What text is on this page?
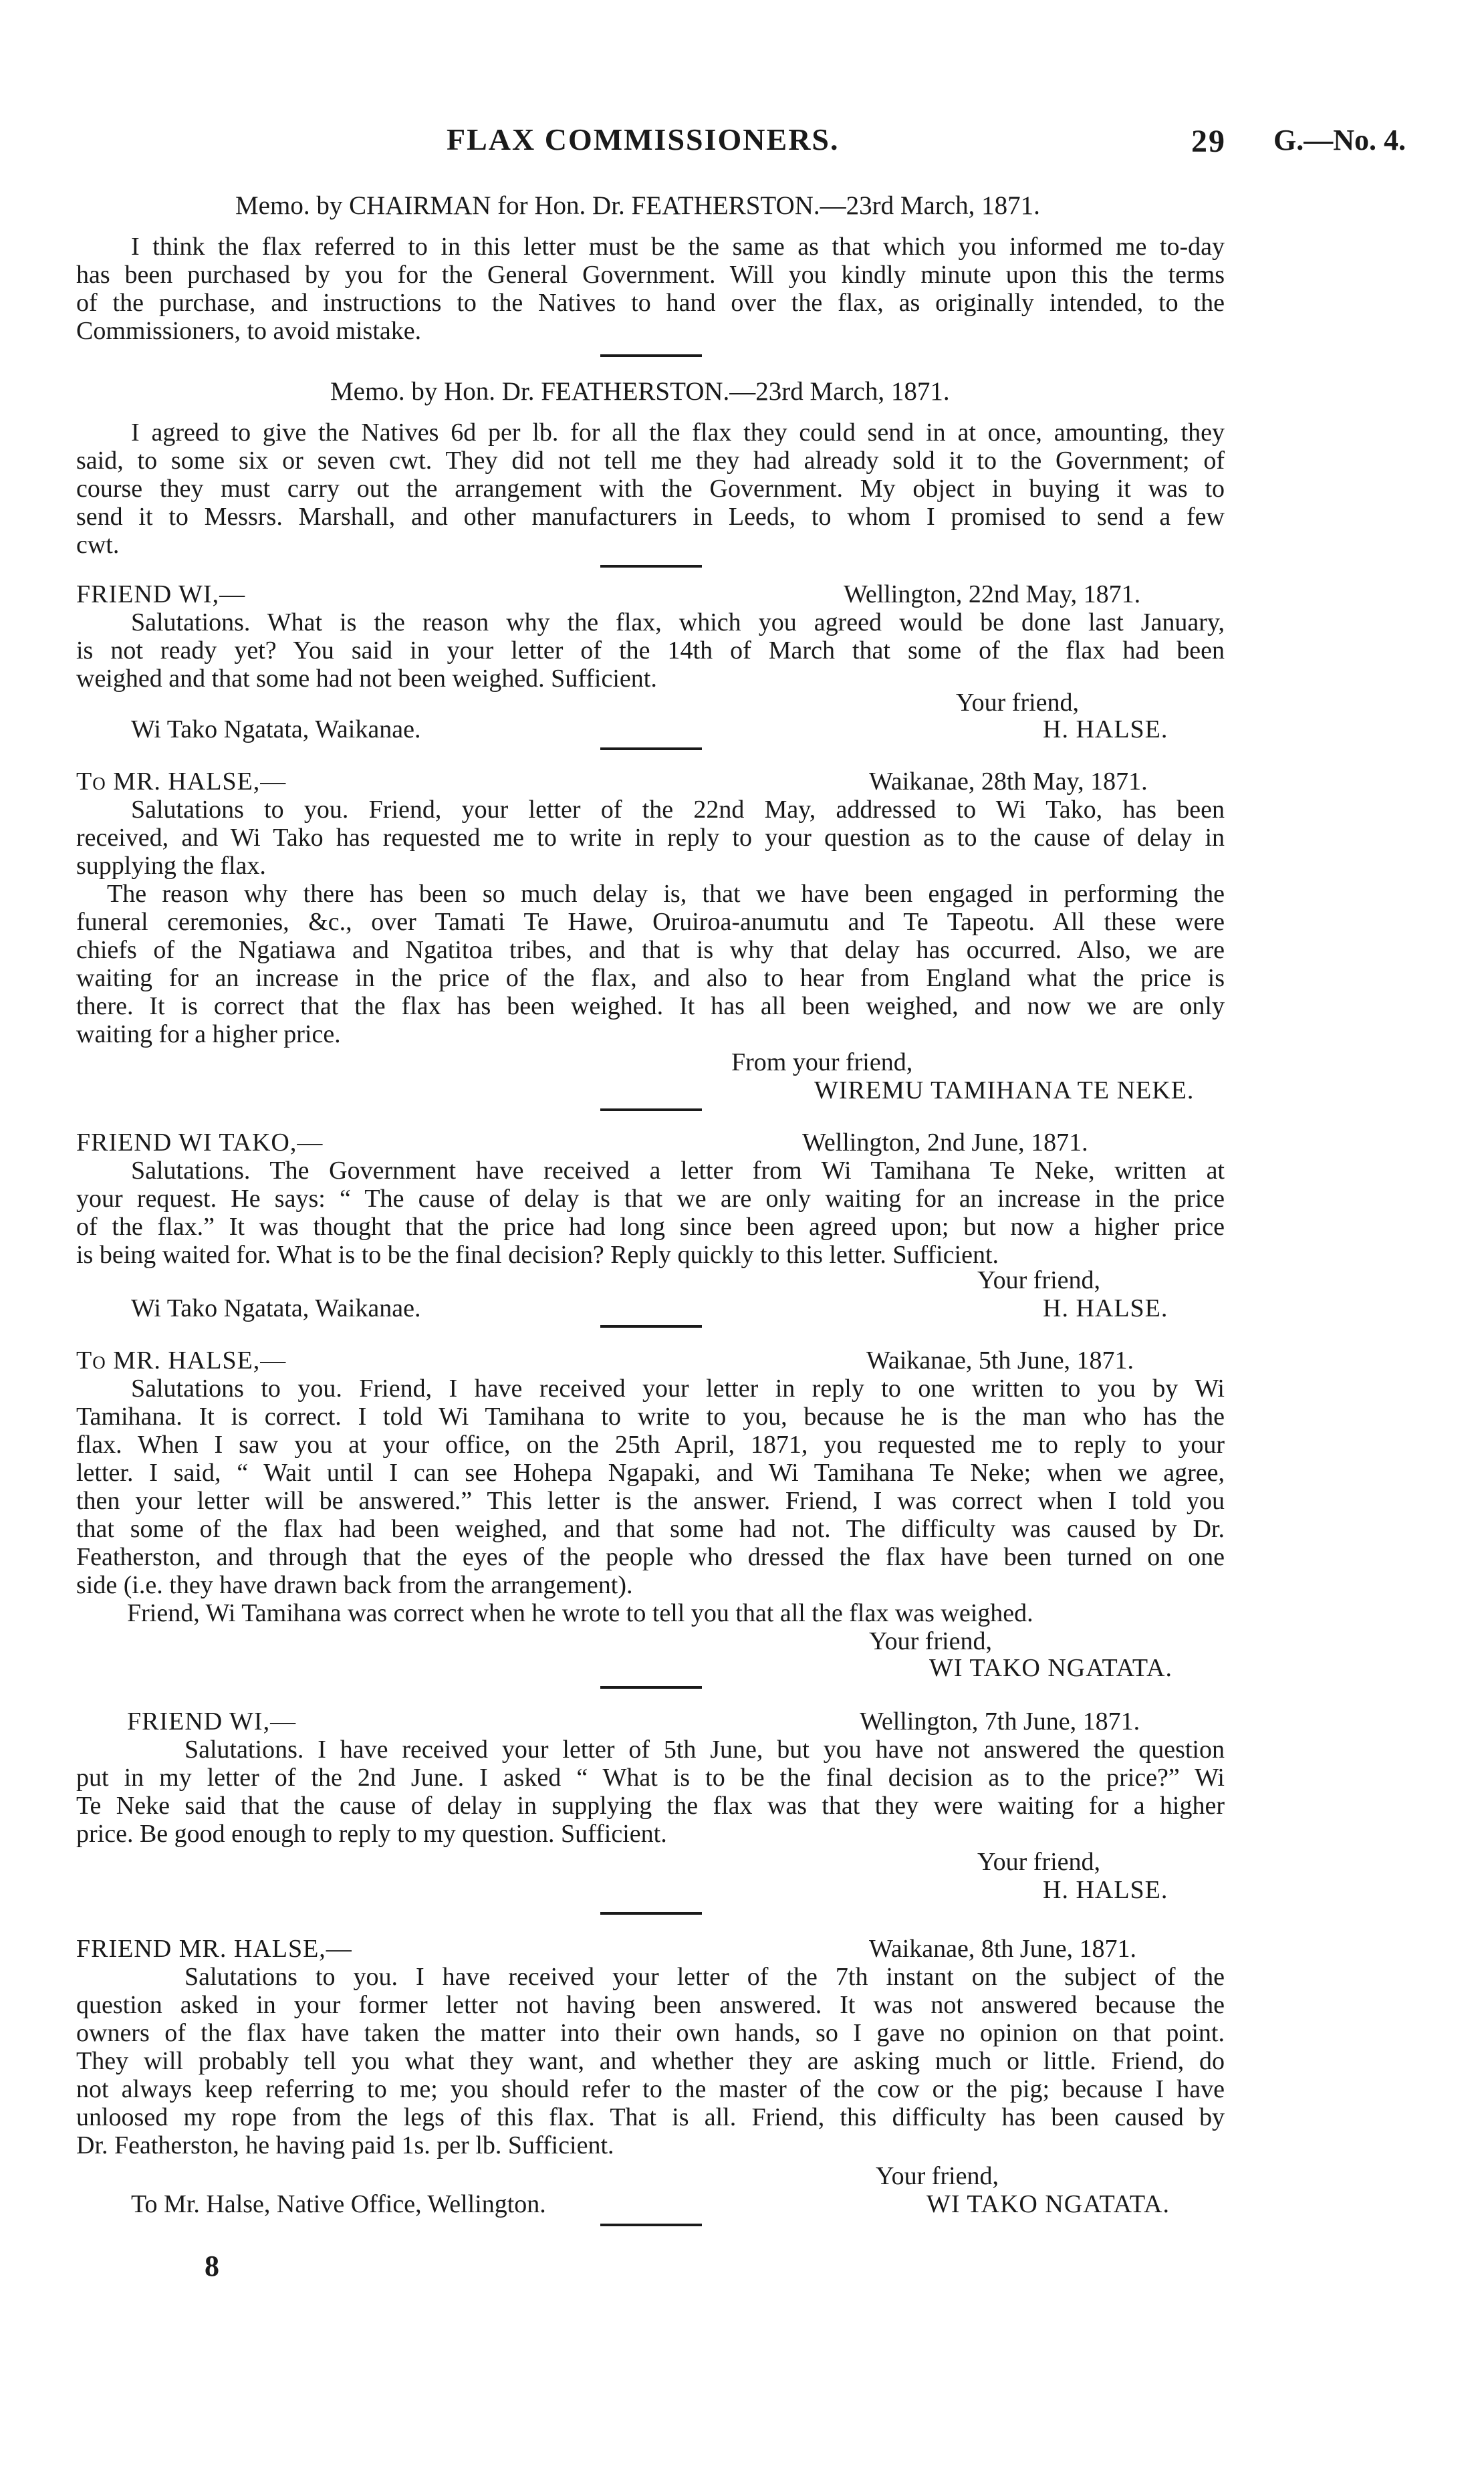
FLAX COMMISSIONERS.	29 G.—No. 4.
Memo. by CHAIRMAN for Hon. Dr. FEATHERSTON.—23rd March, 1871.
I think the flax referred to in this letter must be the same as that which you informed me to-day
has been purchased by you for the General Government. Will you kindly minute upon this the terms
of the purchase, and instructions to the Natives to hand over the flax, as originally intended, to the
Commissioners, to avoid mistake.
Memo. by Hon. Dr. FEATHERSTON.—23rd March, 1871.
I agreed to give the Natives 6d per lb. for all the flax they could send in at once, amounting, they
said, to some six or seven cwt. They did not tell me they had already sold it to the Government; of
course they must carry out the arrangement with the Government. My object in buying it was to
send it to Messrs. Marshall, and other manufacturers in Leeds, to whom I promised to send a few
cwt.
FRIEND WI,—	Wellington, 22nd May, 1871.
Salutations. What is the reason why the flax, which you agreed would be done last January,
is not ready yet? You said in your letter of the 14th of March that some of the flax had been
weighed and that some had not been weighed. Sufficient.
Your friend,
Wi Tako Ngatata, Waikanae.	H. HALSE.
To MR. HALSE,—	Waikanae, 28th May, 1871.
Salutations to you. Friend, your letter of the 22nd May, addressed to Wi Tako, has been
received, and Wi Tako has requested me to write in reply to your question as to the cause of delay in
supplying the flax.
The reason why there has been so much delay is, that we have been engaged in performing the
funeral ceremonies, &c., over Tamati Te Hawe, Oruiroa-anumutu and Te Tapeotu. All these were
chiefs of the Ngatiawa and Ngatitoa tribes, and that is why that delay has occurred. Also, we are
waiting for an increase in the price of the flax, and also to hear from England what the price is
there. It is correct that the flax has been weighed. It has all been weighed, and now we are only
waiting for a higher price.
From your friend,
WIREMU TAMIHANA TE NEKE.
FRIEND WI TAKO,—	Wellington, 2nd June, 1871.
Salutations. The Government have received a letter from Wi Tamihana Te Neke, written at
your request. He says: “ The cause of delay is that we are only waiting for an increase in the price
of the flax.” It was thought that the price had long since been agreed upon; but now a higher price
is being waited for. What is to be the final decision? Reply quickly to this letter. Sufficient.
Your friend,
Wi Tako Ngatata, Waikanae.	H. HALSE.
To MR. HALSE,—	Waikanae, 5th June, 1871.
Salutations to you. Friend, I have received your letter in reply to one written to you by Wi
Tamihana. It is correct. I told Wi Tamihana to write to you, because he is the man who has the
flax. When I saw you at your office, on the 25th April, 1871, you requested me to reply to your
letter. I said, “ Wait until I can see Hohepa Ngapaki, and Wi Tamihana Te Neke; when we agree,
then your letter will be answered.” This letter is the answer. Friend, I was correct when I told you
that some of the flax had been weighed, and that some had not. The difficulty was caused by Dr.
Featherston, and through that the eyes of the people who dressed the flax have been turned on one
side (i.e. they have drawn back from the arrangement).
Friend, Wi Tamihana was correct when he wrote to tell you that all the flax was weighed.
Your friend,
WI TAKO NGATATA.
FRIEND WI,—	Wellington, 7th June, 1871.
Salutations. I have received your letter of 5th June, but you have not answered the question
put in my letter of the 2nd June. I asked “ What is to be the final decision as to the price?” Wi
Te Neke said that the cause of delay in supplying the flax was that they were waiting for a higher
price. Be good enough to reply to my question. Sufficient.
Your friend,
H. HALSE.
FRIEND MR. HALSE,—	Waikanae, 8th June, 1871.
Salutations to you. I have received your letter of the 7th instant on the subject of the
question asked in your former letter not having been answered. It was not answered because the
owners of the flax have taken the matter into their own hands, so I gave no opinion on that point.
They will probably tell you what they want, and whether they are asking much or little. Friend, do
not always keep referring to me; you should refer to the master of the cow or the pig; because I have
unloosed my rope from the legs of this flax. That is all. Friend, this difficulty has been caused by
Dr. Featherston, he having paid 1s. per lb. Sufficient.
Your friend,
To Mr. Halse, Native Office, Wellington.	WI TAKO NGATATA.
8
